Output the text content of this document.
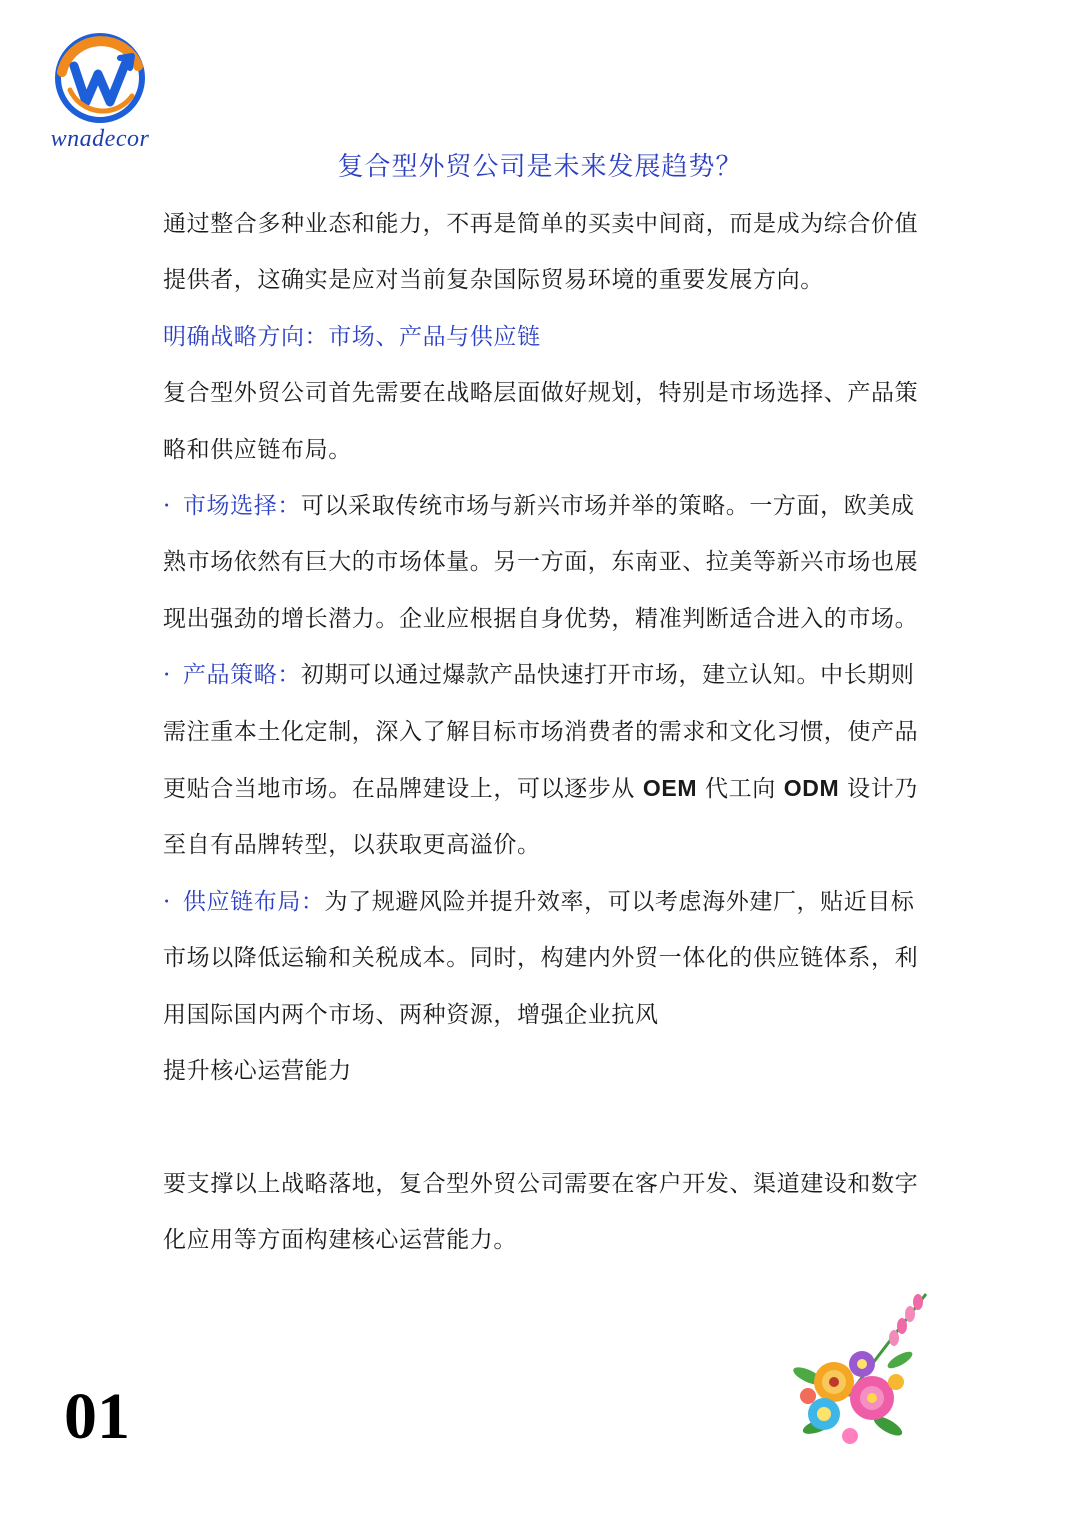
wnadecor
复合型外贸公司是未来发展趋势？

通过整合多种业态和能力，不再是简单的买卖中间商，而是成为综合价值提供者，这确实是应对当前复杂国际贸易环境的重要发展方向。

明确战略方向：市场、产品与供应链

复合型外贸公司首先需要在战略层面做好规划，特别是市场选择、产品策略和供应链布局。

· 市场选择：可以采取传统市场与新兴市场并举的策略。一方面，欧美成熟市场依然有巨大的市场体量。另一方面，东南亚、拉美等新兴市场也展现出强劲的增长潜力。企业应根据自身优势，精准判断适合进入的市场。

· 产品策略：初期可以通过爆款产品快速打开市场，建立认知。中长期则需注重本土化定制，深入了解目标市场消费者的需求和文化习惯，使产品更贴合当地市场。在品牌建设上，可以逐步从 OEM 代工向 ODM 设计乃至自有品牌转型，以获取更高溢价。

· 供应链布局：为了规避风险并提升效率，可以考虑海外建厂，贴近目标市场以降低运输和关税成本。同时，构建内外贸一体化的供应链体系，利用国际国内两个市场、两种资源，增强企业抗风

提升核心运营能力

要支撑以上战略落地，复合型外贸公司需要在客户开发、渠道建设和数字化应用等方面构建核心运营能力。

01
